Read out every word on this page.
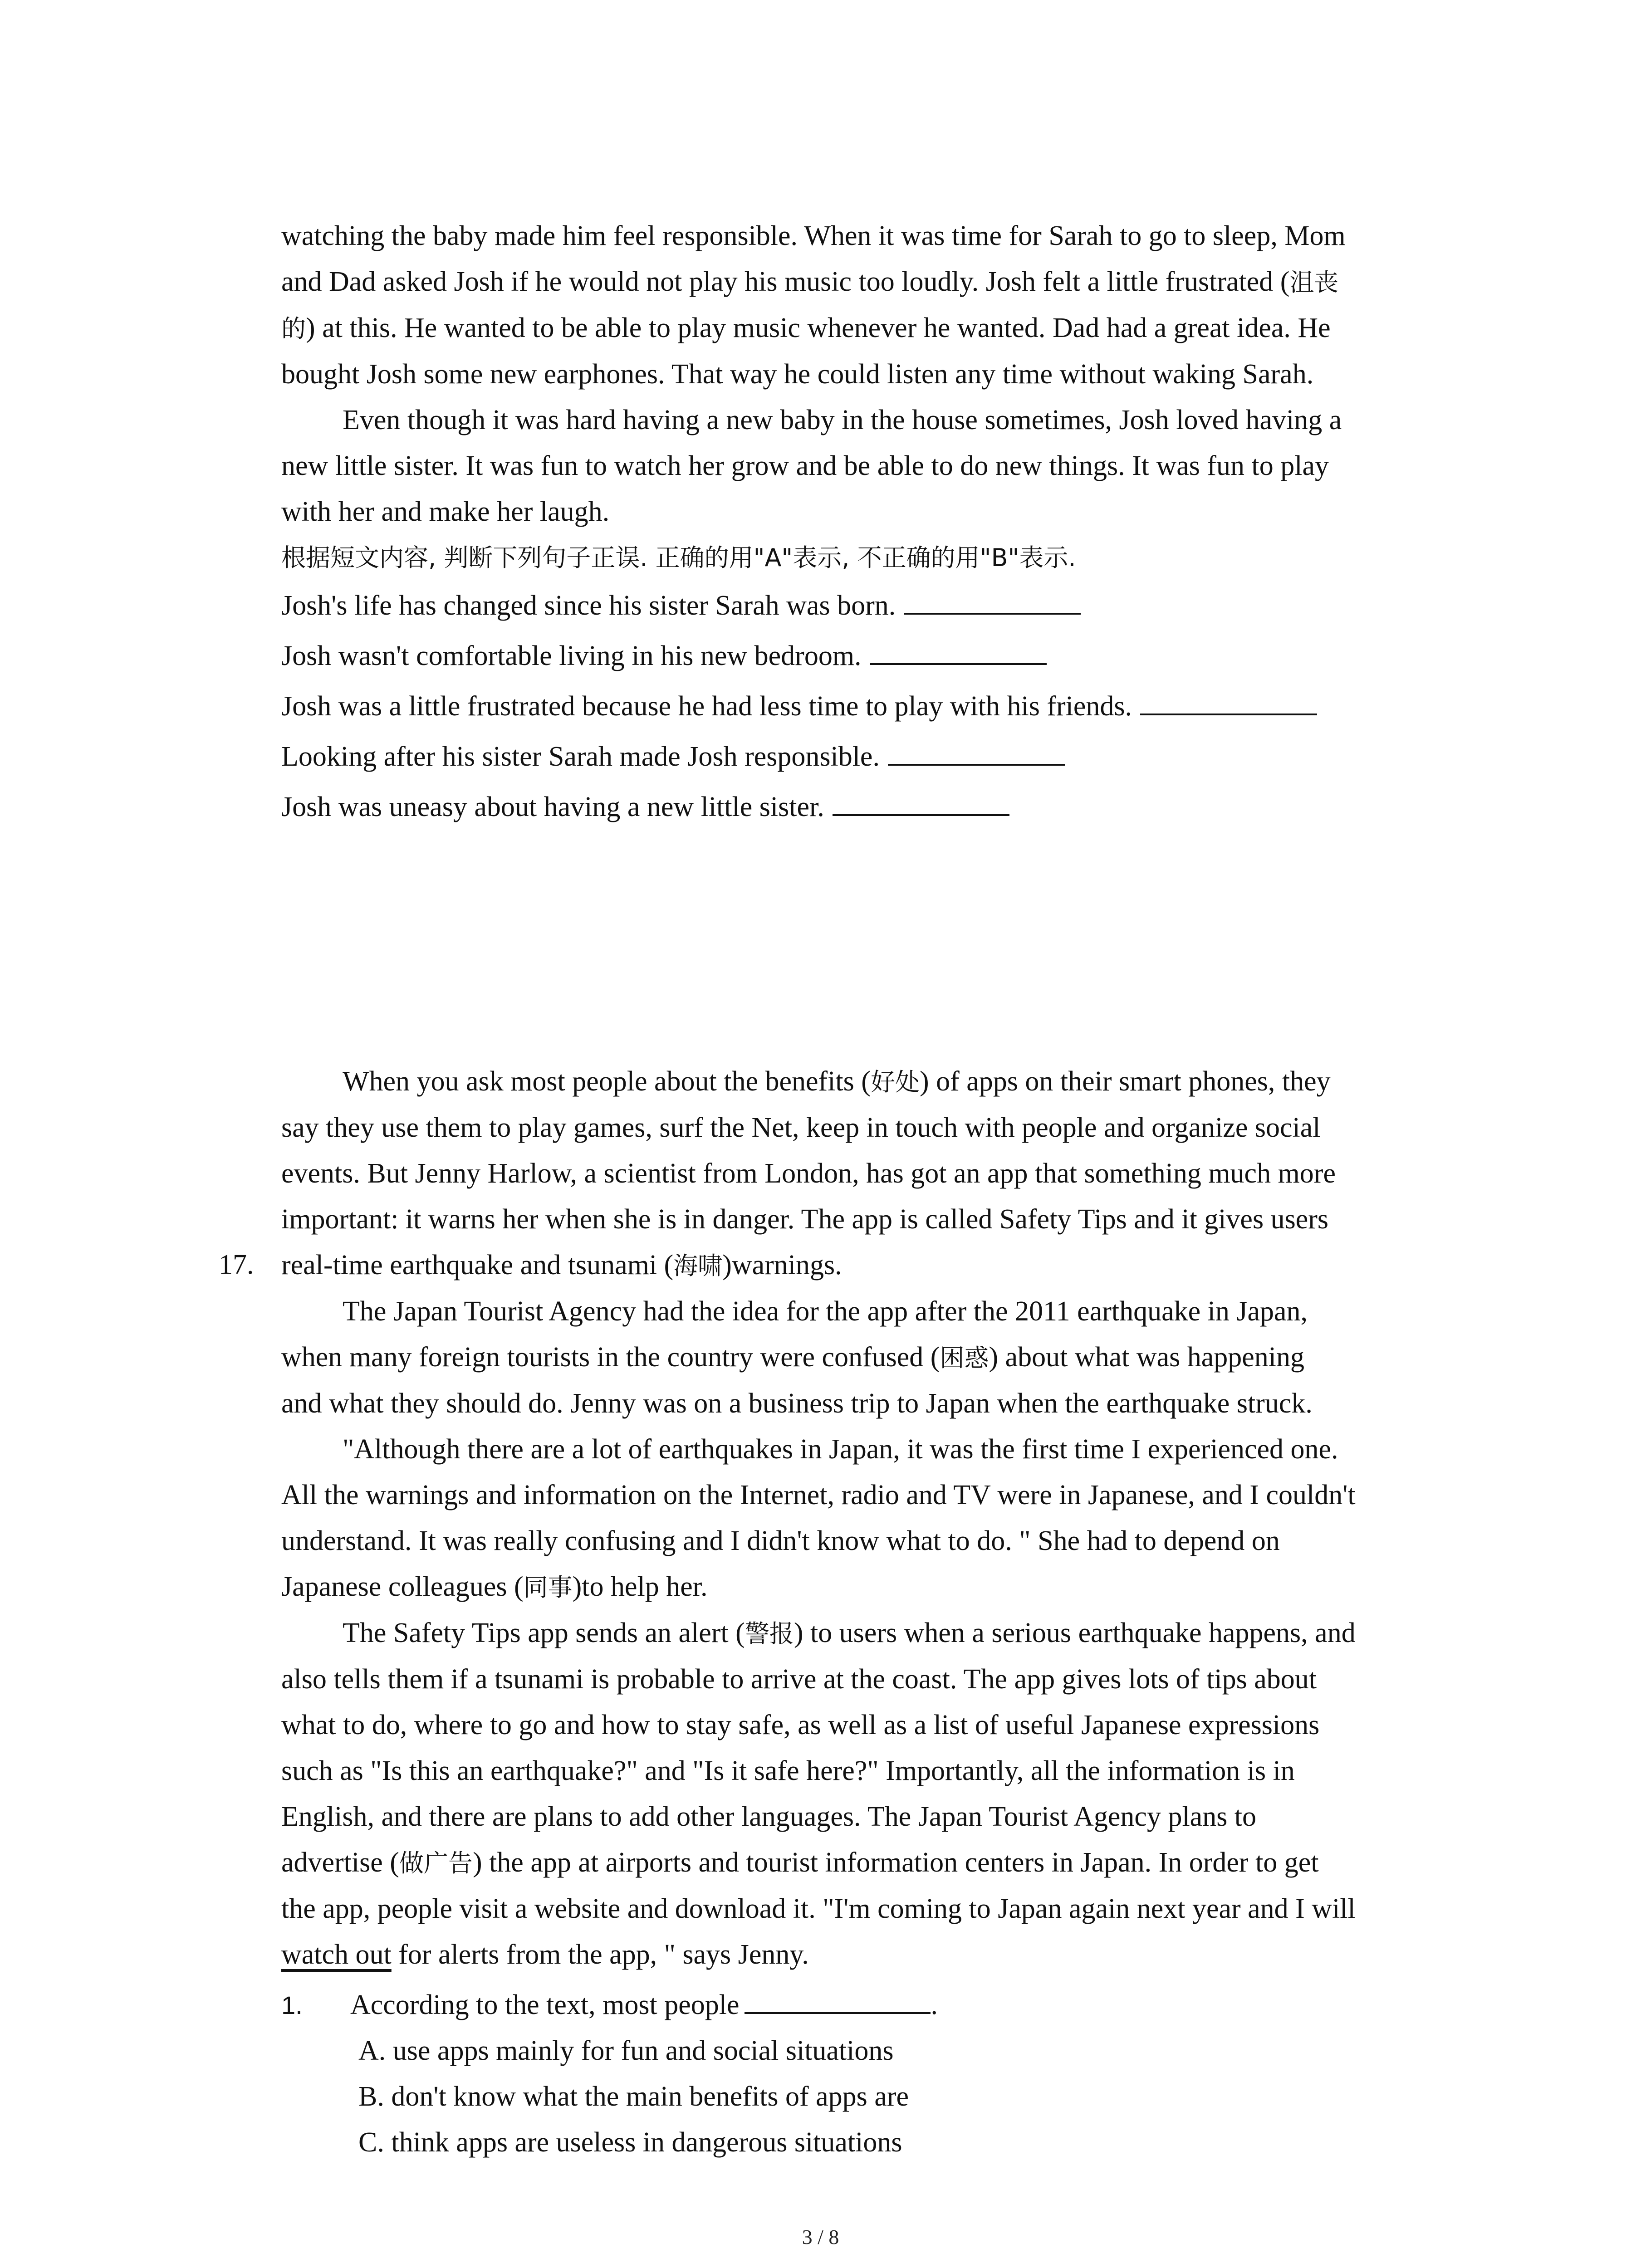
watching the baby made him feel responsible. When it was time for Sarah to go to sleep, Mom
and Dad asked Josh if he would not play his music too loudly. Josh felt a little frustrated (沮丧
的) at this. He wanted to be able to play music whenever he wanted. Dad had a great idea. He
bought Josh some new earphones. That way he could listen any time without waking Sarah.

Even though it was hard having a new baby in the house sometimes, Josh loved having a
new little sister. It was fun to watch her grow and be able to do new things. It was fun to play
with her and make her laugh.

根据短文内容, 判断下列句子正误. 正确的用"A"表示, 不正确的用"B"表示.

Josh's life has changed since his sister Sarah was born.

Josh wasn't comfortable living in his new bedroom.

Josh was a little frustrated because he had less time to play with his friends.

Looking after his sister Sarah made Josh responsible.

Josh was uneasy about having a new little sister.

17.

When you ask most people about the benefits (好处) of apps on their smart phones, they
say they use them to play games, surf the Net, keep in touch with people and organize social
events. But Jenny Harlow, a scientist from London, has got an app that something much more
important: it warns her when she is in danger. The app is called Safety Tips and it gives users
real-time earthquake and tsunami (海啸)warnings.

The Japan Tourist Agency had the idea for the app after the 2011 earthquake in Japan,
when many foreign tourists in the country were confused (困惑) about what was happening
and what they should do. Jenny was on a business trip to Japan when the earthquake struck.

"Although there are a lot of earthquakes in Japan, it was the first time I experienced one.
All the warnings and information on the Internet, radio and TV were in Japanese, and I couldn't
understand. It was really confusing and I didn't know what to do. " She had to depend on
Japanese colleagues (同事)to help her.

The Safety Tips app sends an alert (警报) to users when a serious earthquake happens, and
also tells them if a tsunami is probable to arrive at the coast. The app gives lots of tips about
what to do, where to go and how to stay safe, as well as a list of useful Japanese expressions
such as "Is this an earthquake?" and "Is it safe here?" Importantly, all the information is in
English, and there are plans to add other languages. The Japan Tourist Agency plans to
advertise (做广告) the app at airports and tourist information centers in Japan. In order to get
the app, people visit a website and download it. "I'm coming to Japan again next year and I will
watch out for alerts from the app, " says Jenny.

1. According to the text, most people	.

A. use apps mainly for fun and social situations

B. don't know what the main benefits of apps are

C. think apps are useless in dangerous situations

3 / 8
